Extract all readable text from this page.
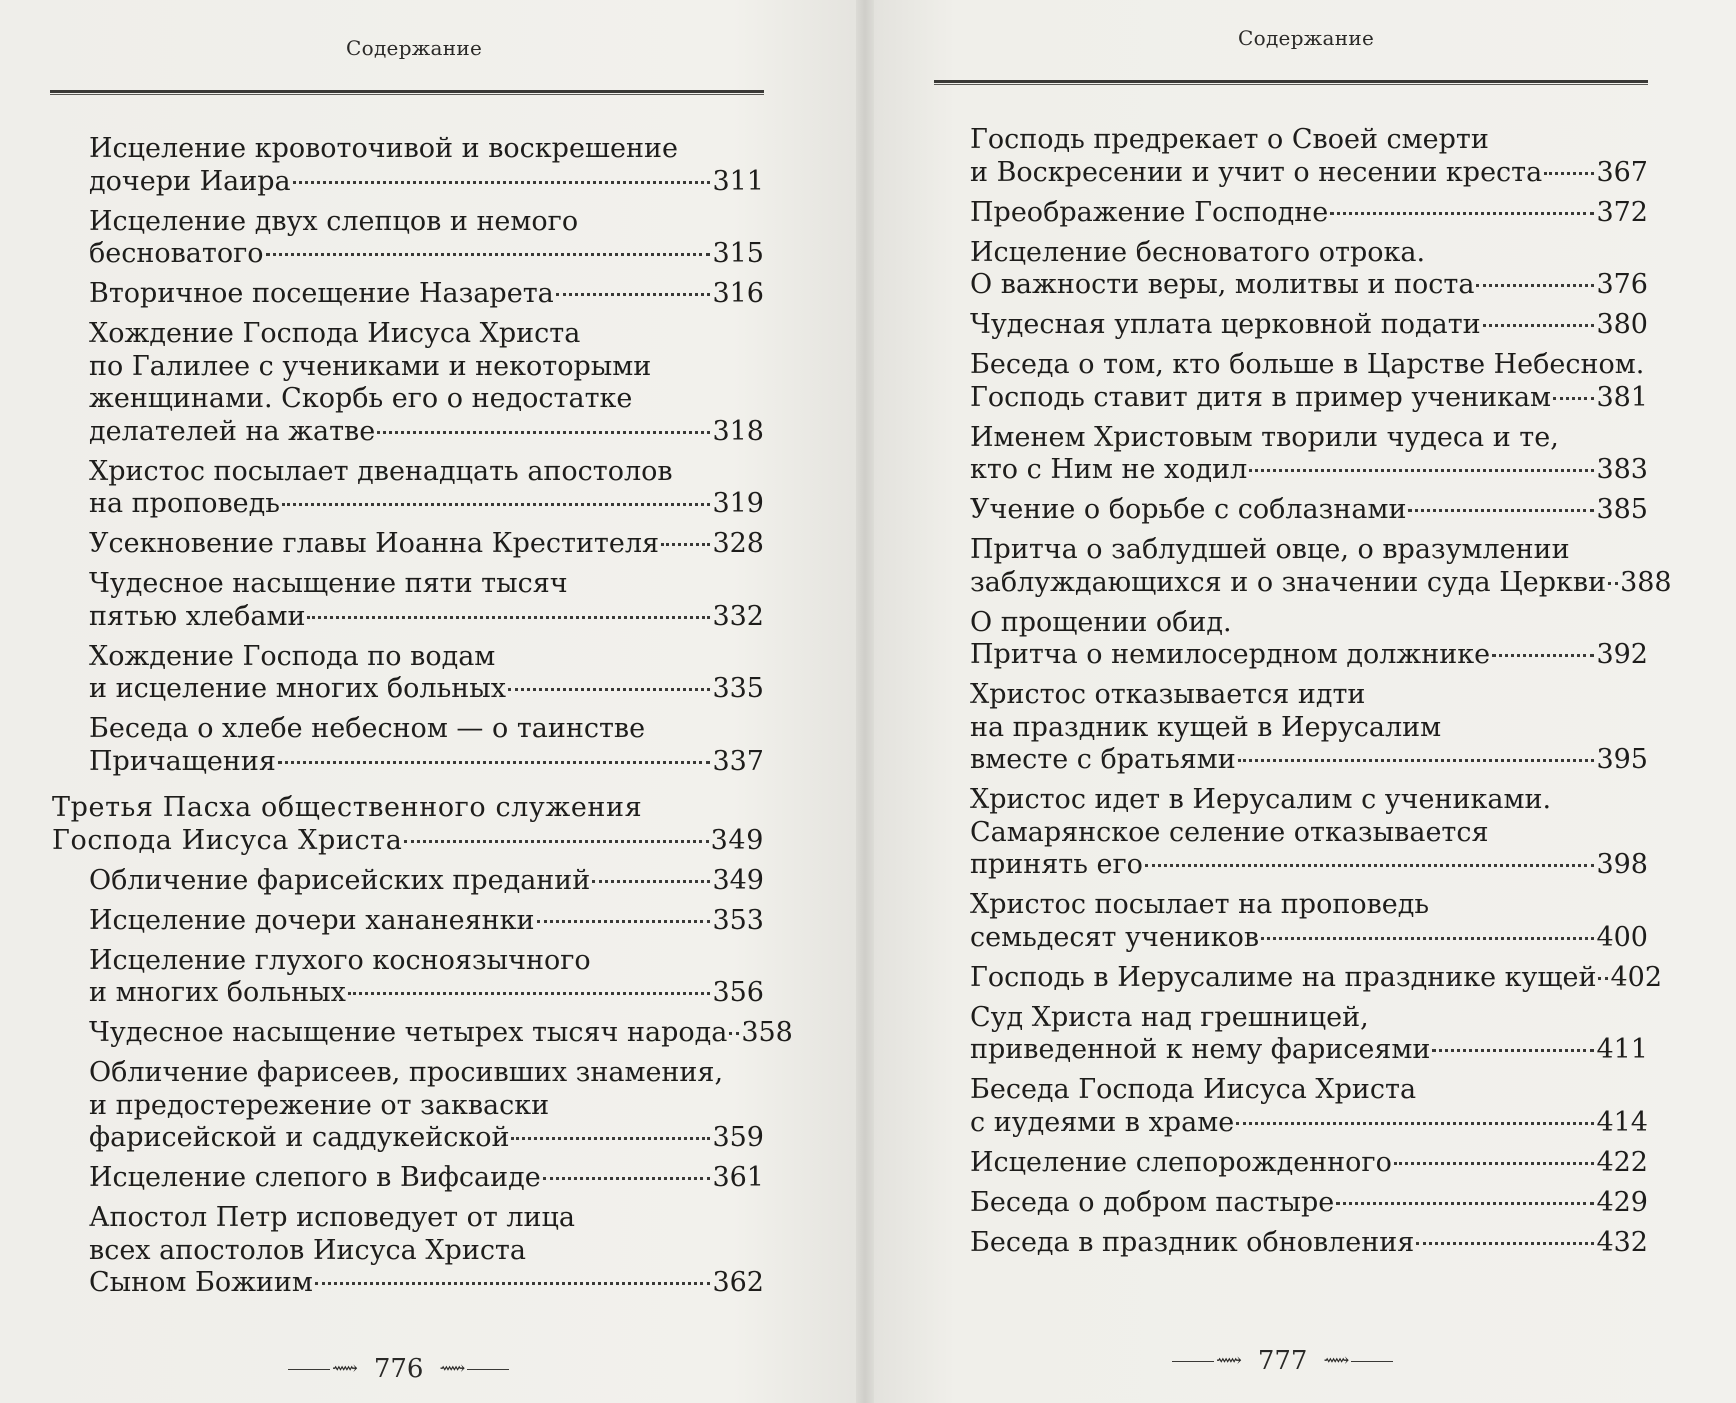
Содержание	Содержание
Исцеление кровоточивой и воскрешение
дочери Иаира	311
Исцеление двух слепцов и немого
бесноватого	315
Вторичное посещение Назарета	316
Хождение Господа Иисуса Христа
по Галилее с учениками и некоторыми
женщинами. Скорбь его о недостатке
делателей на жатве	318
Христос посылает двенадцать апостолов
на проповедь	319
Усекновение главы Иоанна Крестителя 328
Чудесное насыщение пяти тысяч
пятью хлебами	332
Хождение Господа по водам
и исцеление многих больных	335
Беседа о хлебе небесном — о таинстве
Причащения	337
Третья Пасха общественного служения
Господа Иисуса Христа	349
Обличение фарисейских преданий	349
Исцеление дочери хананеянки	353
Исцеление глухого косноязычного
и многих больных	356
Чудесное насыщение четырех тысяч народа 358
Обличение фарисеев, просивших знамения,
и предостережение от закваски
фарисейской и саддукейской	359
Исцеление слепого в Вифсаиде	361
Апостол Петр исповедует от лица
всех апостолов Иисуса Христа
Сыном Божиим	362
Господь предрекает о Своей смерти
и Воскресении и учит о несении креста 367
Преображение Господне	372
Исцеление бесноватого отрока.
О важности веры, молитвы и поста	376
Чудесная уплата церковной подати	380
Беседа о том, кто больше в Царстве Небесном.
Господь ставит дитя в пример ученикам 381
Именем Христовым творили чудеса и те,
кто с Ним не ходил	383
Учение о борьбе с соблазнами	385
Притча о заблудшей овце, о вразумлении
заблуждающихся и о значении суда Церкви 388
О прощении обид.
Притча о немилосердном должнике	392
Христос отказывается идти
на праздник кущей в Иерусалим
вместе с братьями	395
Христос идет в Иерусалим с учениками.
Самарянское селение отказывается
принять его	398
Христос посылает на проповедь
семьдесят учеников	400
Господь в Иерусалиме на празднике кущей 402
Суд Христа над грешницей,
приведенной к нему фарисеями	411
Беседа Господа Иисуса Христа
с иудеями в храме	414
Исцеление слепорожденного	422
Беседа о добром пастыре	429
Беседа в праздник обновления	432
⟿ 776 ⟿	⟿ 777 ⟿
